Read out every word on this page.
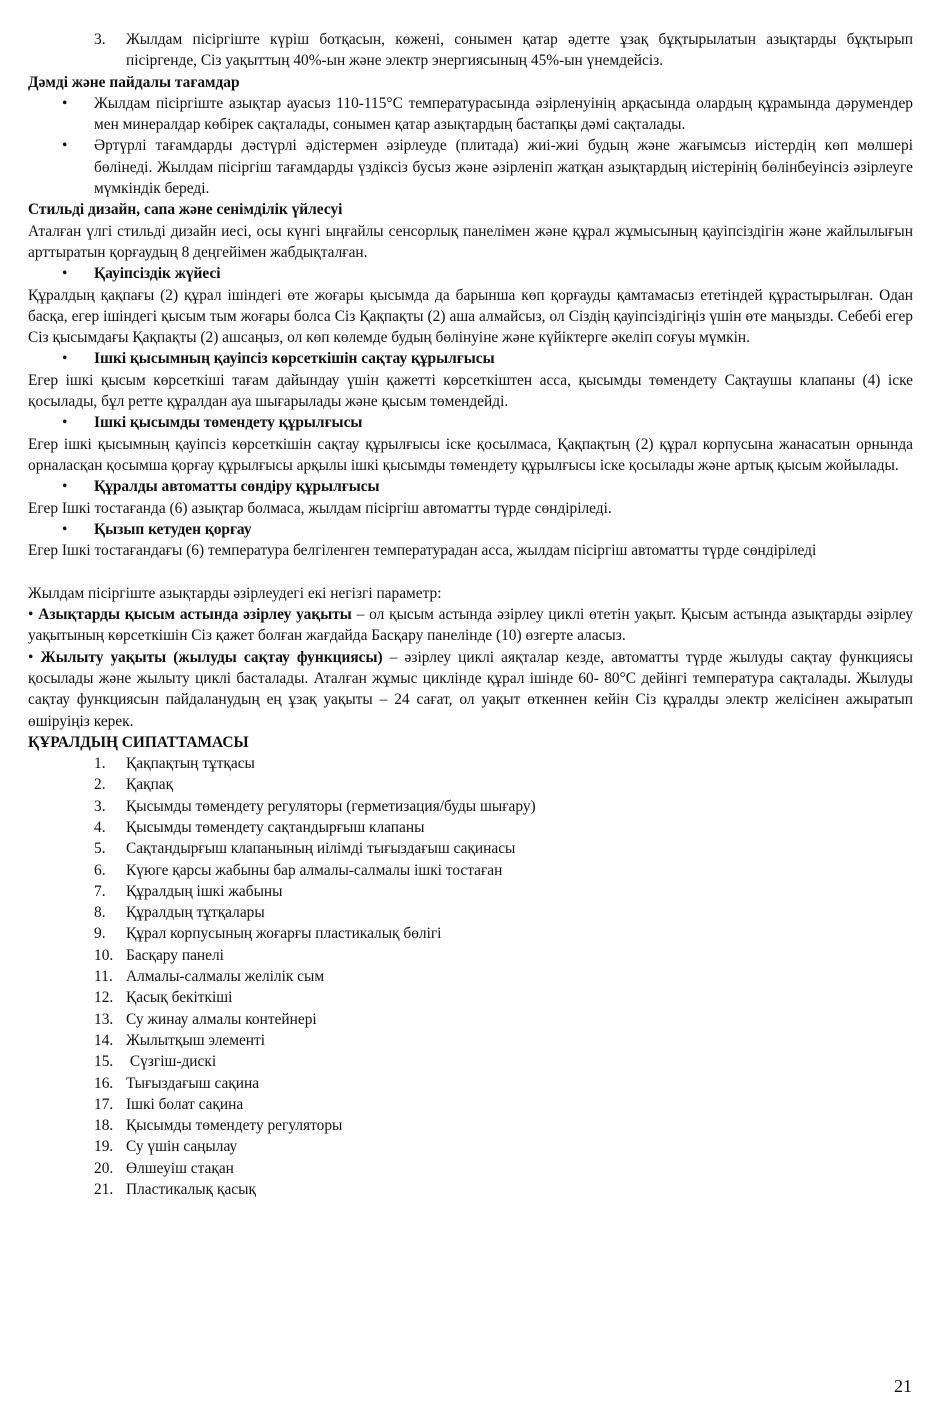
3.	Жылдам пісіргіште күріш ботқасын, көжені, сонымен қатар әдетте ұзақ бұқтырылатын азықтарды бұқтырып пісіргенде, Сіз уақыттың 40%-ын және электр энергиясының 45%-ын үнемдейсіз.

Дәмді және пайдалы тағамдар

•	Жылдам пісіргіште азықтар ауасыз 110-115°С температурасында әзірленуінің арқасында олардың құрамында дәрумендер мен минералдар көбірек сақталады, сонымен қатар азықтардың бастапқы дәмі сақталады.
•	Әртүрлі тағамдарды дәстүрлі әдістермен әзірлеуде (плитада) жиі-жиі будың және жағымсыз иістердің көп мөлшері бөлінеді. Жылдам пісіргіш тағамдарды үздіксіз бусыз және әзірленіп жатқан азықтардың иістерінің бөлінбеуінсіз әзірлеуге мүмкіндік береді.

Стильді дизайн, сапа және сенімділік үйлесуі

Аталған үлгі стильді дизайн иесі, осы күнгі ыңғайлы сенсорлық панелімен және құрал жұмысының қауіпсіздігін және жайлылығын арттыратын қорғаудың 8 деңгейімен жабдықталған.

•	Қауіпсіздік жүйесі

Құралдың қақпағы (2) құрал ішіндегі өте жоғары қысымда да барынша көп қорғауды қамтамасыз ететіндей құрастырылған. Одан басқа, егер ішіндегі қысым тым жоғары болса Сіз Қақпақты (2) аша алмайсыз, ол Сіздің қауіпсіздігіңіз үшін өте маңызды. Себебі егер Сіз қысымдағы Қақпақты (2) ашсаңыз, ол көп көлемде будың бөлінуіне және күйіктерге әкеліп соғуы мүмкін.

•	Ішкі қысымның қауіпсіз көрсеткішін сақтау құрылғысы

Егер ішкі қысым көрсеткіші тағам дайындау үшін қажетті көрсеткіштен асса, қысымды төмендету Сақтаушы клапаны (4) іске қосылады, бұл ретте құралдан ауа шығарылады және қысым төмендейді.

•	Ішкі қысымды төмендету құрылғысы

Егер ішкі қысымның қауіпсіз көрсеткішін сақтау құрылғысы іске қосылмаса, Қақпақтың (2) құрал корпусына жанасатын орнында орналасқан қосымша қорғау құрылғысы арқылы ішкі қысымды төмендету құрылғысы іске қосылады және артық қысым жойылады.

•	Құралды автоматты сөндіру құрылғысы

Егер Ішкі тостағанда (6) азықтар болмаса, жылдам пісіргіш автоматты түрде сөндіріледі.

•	Қызып кетуден қорғау

Егер Ішкі тостағандағы (6) температура белгіленген температурадан асса, жылдам пісіргіш автоматты түрде сөндіріледі

Жылдам пісіргіште азықтарды әзірлеудегі екі негізгі параметр:

• Азықтарды қысым астында әзірлеу уақыты – ол қысым астында әзірлеу циклі өтетін уақыт. Қысым астында азықтарды әзірлеу уақытының көрсеткішін Сіз қажет болған жағдайда Басқару панелінде (10) өзгерте аласыз.

• Жылыту уақыты (жылуды сақтау функциясы) – әзірлеу циклі аяқталар кезде, автоматты түрде жылуды сақтау функциясы қосылады және жылыту циклі басталады. Аталған жұмыс циклінде құрал ішінде 60- 80°С дейінгі температура сақталады. Жылуды сақтау функциясын пайдаланудың ең ұзақ уақыты – 24 сағат, ол уақыт өткеннен кейін Сіз құралды электр желісінен ажыратып өшіруіңіз керек.

ҚҰРАЛДЫҢ СИПАТТАМАСЫ

1.	Қақпақтың тұтқасы
2.	Қақпақ
3.	Қысымды төмендету регуляторы (герметизация/буды шығару)
4.	Қысымды төмендету сақтандырғыш клапаны
5.	Сақтандырғыш клапанының иілімді тығыздағыш сақинасы
6.	Күюге қарсы жабыны бар алмалы-салмалы ішкі тостаған
7.	Құралдың ішкі жабыны
8.	Құралдың тұтқалары
9.	Құрал корпусының жоғарғы пластикалық бөлігі
10. Басқару панелі
11. Алмалы-салмалы желілік сым
12. Қасық бекіткіші
13. Су жинау алмалы контейнері
14. Жылытқыш элементі
15. Сүзгіш-дискі
16. Тығыздағыш сақина
17. Ішкі болат сақина
18. Қысымды төмендету регуляторы
19. Су үшін саңылау
20. Өлшеуіш стақан
21. Пластикалық қасық
21
